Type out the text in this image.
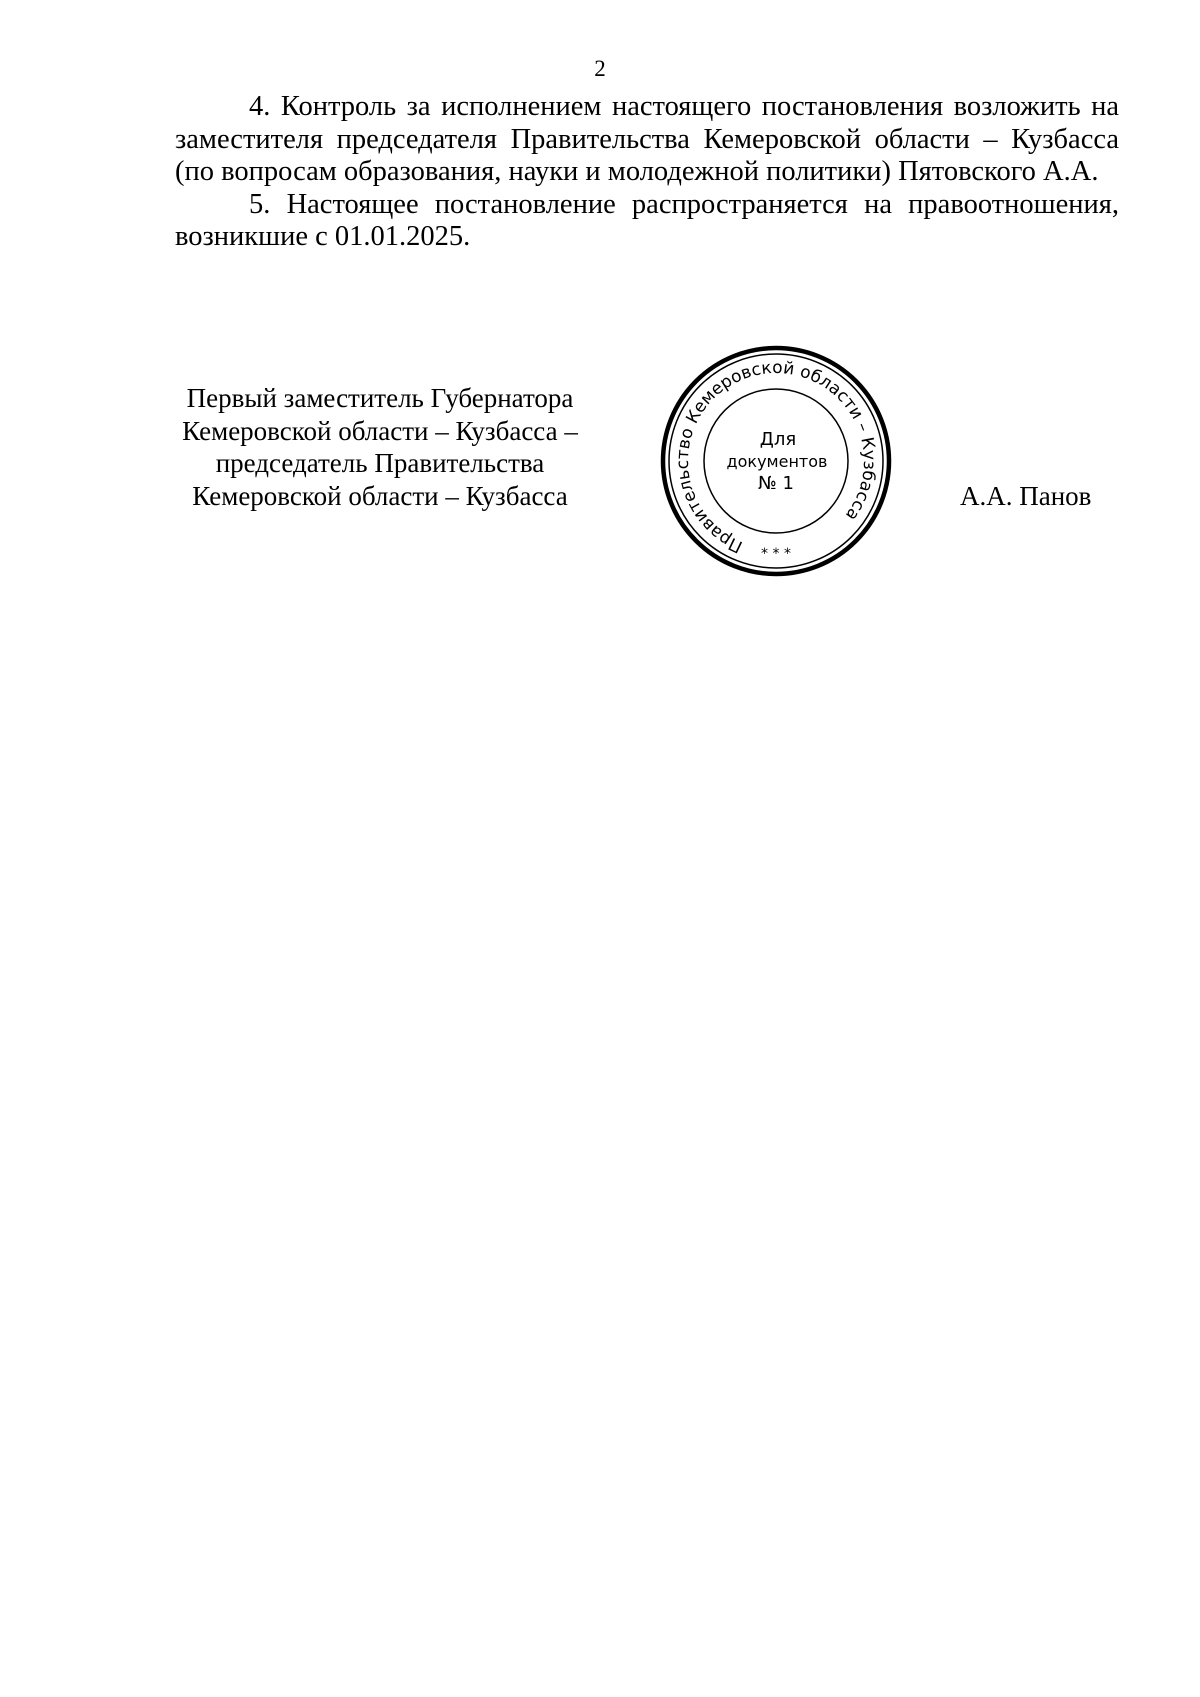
2

4. Контроль за исполнением настоящего постановления возложить на заместителя председателя Правительства Кемеровской области – Кузбасса (по вопросам образования, науки и молодежной политики) Пятовского А.А.

5. Настоящее постановление распространяется на правоотношения, возникшие с 01.01.2025.

Первый заместитель Губернатора
Кемеровской области – Кузбасса –
председатель Правительства
Кемеровской области – Кузбасса	А.А. Панов
Правительство Кемеровской области – Кузбасса
* * *
Для
документов
№ 1
